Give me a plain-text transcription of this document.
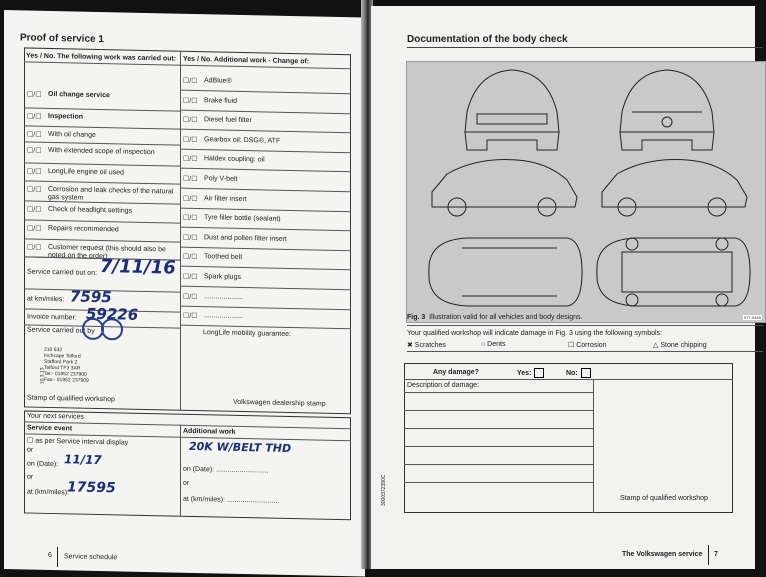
Proof of service 1
Yes / No. The following work was carried out: Yes / No. Additional work - Change of:
☐/☐ Oil change service
☐/☐ Inspection
☐/☐ With oil change
☐/☐ With extended scope of inspection
☐/☐ LongLife engine oil used
☐/☐ Corrosion and leak checks of the natural gas system
☐/☐ Check of headlight settings
☐/☐ Repairs recommended
☐/☐ Customer request (this should also be noted on the order)
☐/☐ AdBlue®
☐/☐ Brake fluid
☐/☐ Diesel fuel filter
☐/☐ Gearbox oil: DSG®, ATF
☐/☐ Haldex coupling: oil
☐/☐ Poly V-belt
☐/☐ Air filter insert
☐/☐ Tyre filler bottle (sealant)
☐/☐ Dust and pollen filter insert
☐/☐ Toothed belt
☐/☐ Spark plugs
☐/☐ ....................
☐/☐ ....................
Service carried out on: 7/11/16
at km/miles: 7595
Invoice number: 59226
Service carried out by
210 632
Inchcape Telford
Stafford Park 2
Telford TF3 3AR
Tel:- 01952 237900
Fax:- 01952 237909
10.3.13
Stamp of qualified workshop
LongLife mobility guarantee:
Volkswagen dealership stamp
Your next services
Service event	Additional work
☐ as per Service interval display
or
on (Date): 11/17
or
at (km/miles):
17595
20K W/BELT THD
on (Date): ...........................
or
at (km/miles): ...........................
6 Service schedule
Documentation of the body check
977-0449
Fig. 3 Illustration valid for all vehicles and body designs.
Your qualified workshop will indicate damage in Fig. 3 using the following symbols:
✖ Scratches	○ Dents	☐ Corrosion	△ Stone chipping
Any damage?	Yes:	No:
Description of damage:
Stamp of qualified workshop
3000372390C
The Volkswagen service 7
